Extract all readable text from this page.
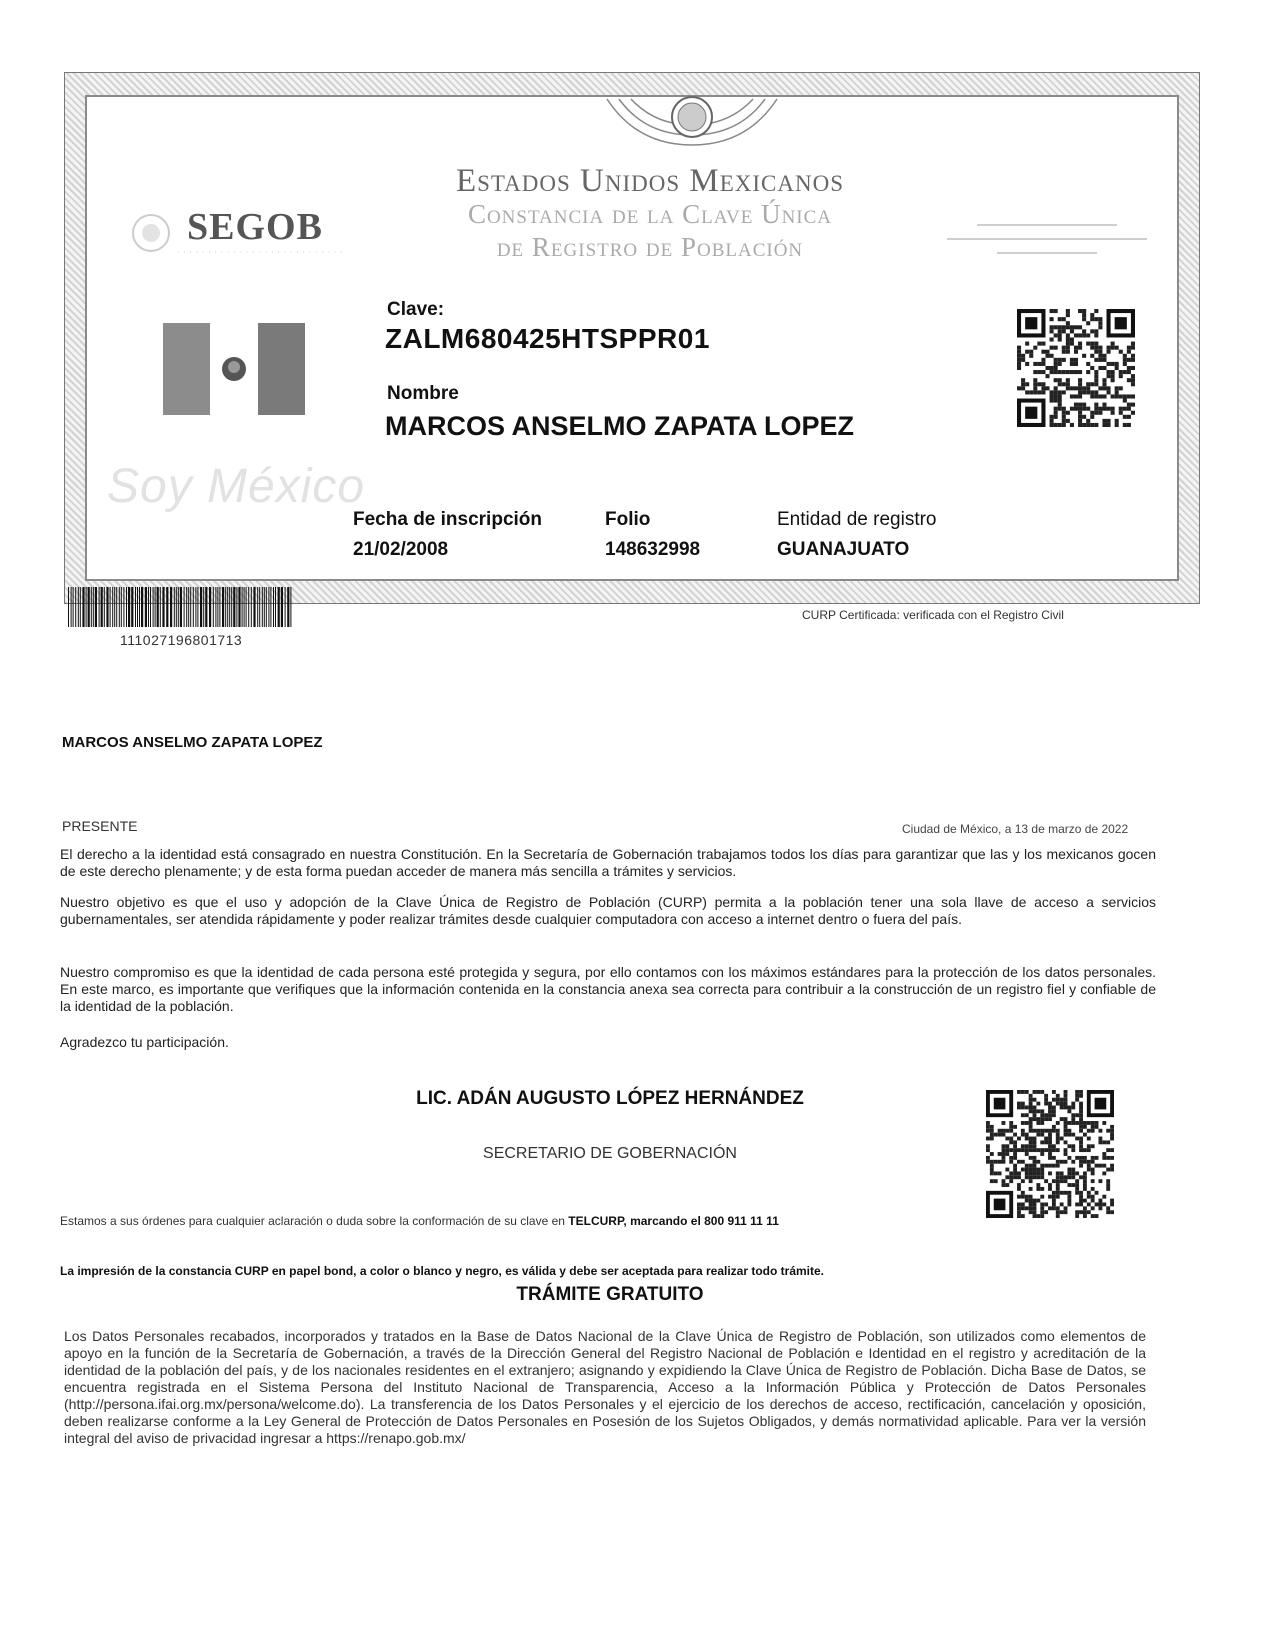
Estados Unidos Mexicanos
Constancia de la Clave Única
de Registro de Población
SEGOB
· · · · · · · · · · · · · · · · · · · · · · · · · · ·
Soy México
Clave:
ZALM680425HTSPPR01
Nombre
MARCOS ANSELMO ZAPATA LOPEZ
Fecha de inscripción
21/02/2008
Folio
148632998
Entidad de registro
GUANAJUATO
111027196801713
CURP Certificada: verificada con el Registro Civil
MARCOS ANSELMO ZAPATA LOPEZ
PRESENTE	Ciudad de México, a 13 de marzo de 2022
El derecho a la identidad está consagrado en nuestra Constitución. En la Secretaría de Gobernación trabajamos todos los días para garantizar que las y los mexicanos gocen de este derecho plenamente; y de esta forma puedan acceder de manera más sencilla a trámites y servicios.
Nuestro objetivo es que el uso y adopción de la Clave Única de Registro de Población (CURP) permita a la población tener una sola llave de acceso a servicios gubernamentales, ser atendida rápidamente y poder realizar trámites desde cualquier computadora con acceso a internet dentro o fuera del país.
Nuestro compromiso es que la identidad de cada persona esté protegida y segura, por ello contamos con los máximos estándares para la protección de los datos personales. En este marco, es importante que verifiques que la información contenida en la constancia anexa sea correcta para contribuir a la construcción de un registro fiel y confiable de la identidad de la población.
Agradezco tu participación.
LIC. ADÁN AUGUSTO LÓPEZ HERNÁNDEZ
SECRETARIO DE GOBERNACIÓN
Estamos a sus órdenes para cualquier aclaración o duda sobre la conformación de su clave en TELCURP, marcando el 800 911 11 11
La impresión de la constancia CURP en papel bond, a color o blanco y negro, es válida y debe ser aceptada para realizar todo trámite.
TRÁMITE GRATUITO
Los Datos Personales recabados, incorporados y tratados en la Base de Datos Nacional de la Clave Única de Registro de Población, son utilizados como elementos de apoyo en la función de la Secretaría de Gobernación, a través de la Dirección General del Registro Nacional de Población e Identidad en el registro y acreditación de la identidad de la población del país, y de los nacionales residentes en el extranjero; asignando y expidiendo la Clave Única de Registro de Población. Dicha Base de Datos, se encuentra registrada en el Sistema Persona del Instituto Nacional de Transparencia, Acceso a la Información Pública y Protección de Datos Personales (http://persona.ifai.org.mx/persona/welcome.do). La transferencia de los Datos Personales y el ejercicio de los derechos de acceso, rectificación, cancelación y oposición, deben realizarse conforme a la Ley General de Protección de Datos Personales en Posesión de los Sujetos Obligados, y demás normatividad aplicable. Para ver la versión integral del aviso de privacidad ingresar a https://renapo.gob.mx/
